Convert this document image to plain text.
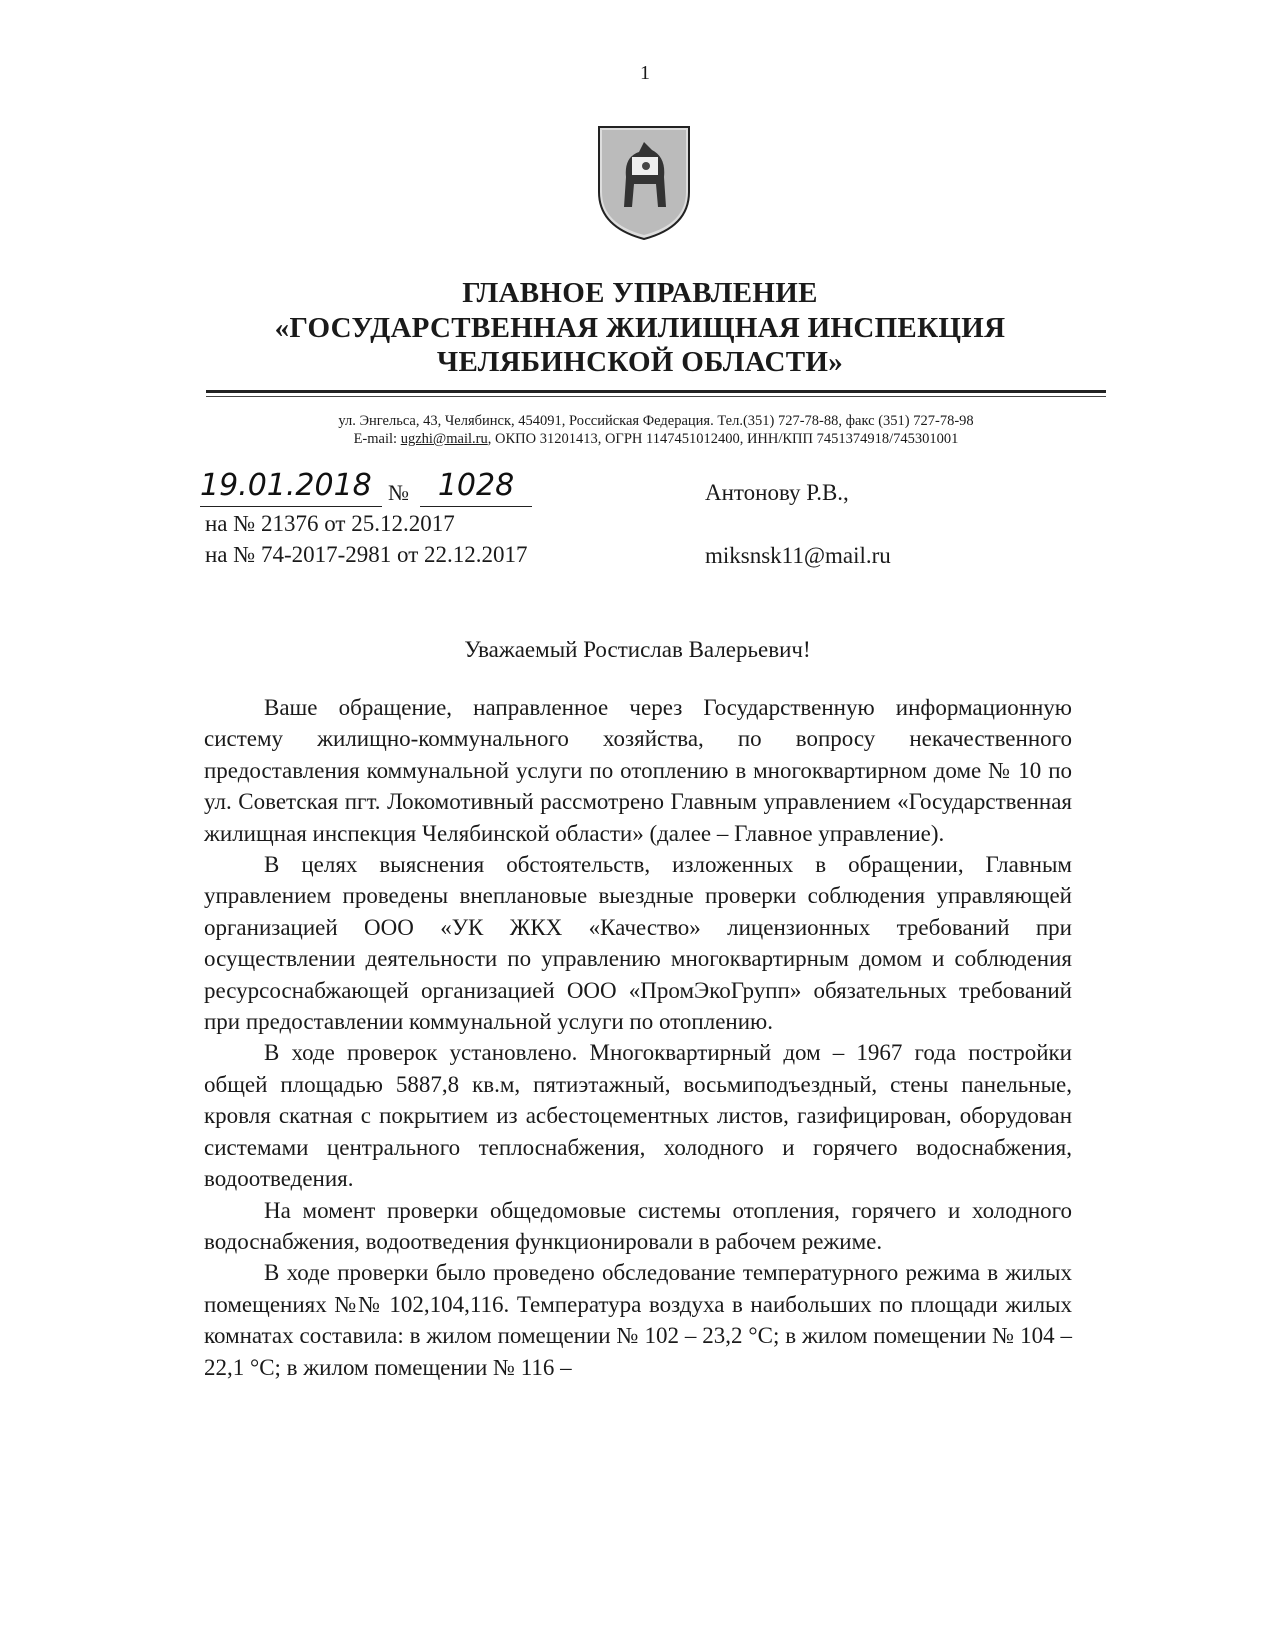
1
ГЛАВНОЕ УПРАВЛЕНИЕ
«ГОСУДАРСТВЕННАЯ ЖИЛИЩНАЯ ИНСПЕКЦИЯ
ЧЕЛЯБИНСКОЙ ОБЛАСТИ»
ул. Энгельса, 43, Челябинск, 454091, Российская Федерация. Тел.(351) 727-78-88, факс (351) 727-78-98
E-mail: ugzhi@mail.ru, ОКПО 31201413, ОГРН 1147451012400, ИНН/КПП 7451374918/745301001
19.01.2018 № 1028
на № 21376 от 25.12.2017
на № 74-2017-2981 от 22.12.2017
Антонову Р.В.,
miksnsk11@mail.ru
Уважаемый Ростислав Валерьевич!

Ваше обращение, направленное через Государственную информационную систему жилищно-коммунального хозяйства, по вопросу некачественного предоставления коммунальной услуги по отоплению в многоквартирном доме № 10 по ул. Советская пгт. Локомотивный рассмотрено Главным управлением «Государственная жилищная инспекция Челябинской области» (далее – Главное управление).

В целях выяснения обстоятельств, изложенных в обращении, Главным управлением проведены внеплановые выездные проверки соблюдения управляющей организацией ООО «УК ЖКХ «Качество» лицензионных требований при осуществлении деятельности по управлению многоквартирным домом и соблюдения ресурсоснабжающей организацией ООО «ПромЭкоГрупп» обязательных требований при предоставлении коммунальной услуги по отоплению.

В ходе проверок установлено. Многоквартирный дом – 1967 года постройки общей площадью 5887,8 кв.м, пятиэтажный, восьмиподъездный, стены панельные, кровля скатная с покрытием из асбестоцементных листов, газифицирован, оборудован системами центрального теплоснабжения, холодного и горячего водоснабжения, водоотведения.

На момент проверки общедомовые системы отопления, горячего и холодного водоснабжения, водоотведения функционировали в рабочем режиме.

В ходе проверки было проведено обследование температурного режима в жилых помещениях №№ 102,104,116. Температура воздуха в наибольших по площади жилых комнатах составила: в жилом помещении № 102 – 23,2 °С; в жилом помещении № 104 – 22,1 °С; в жилом помещении № 116 –
